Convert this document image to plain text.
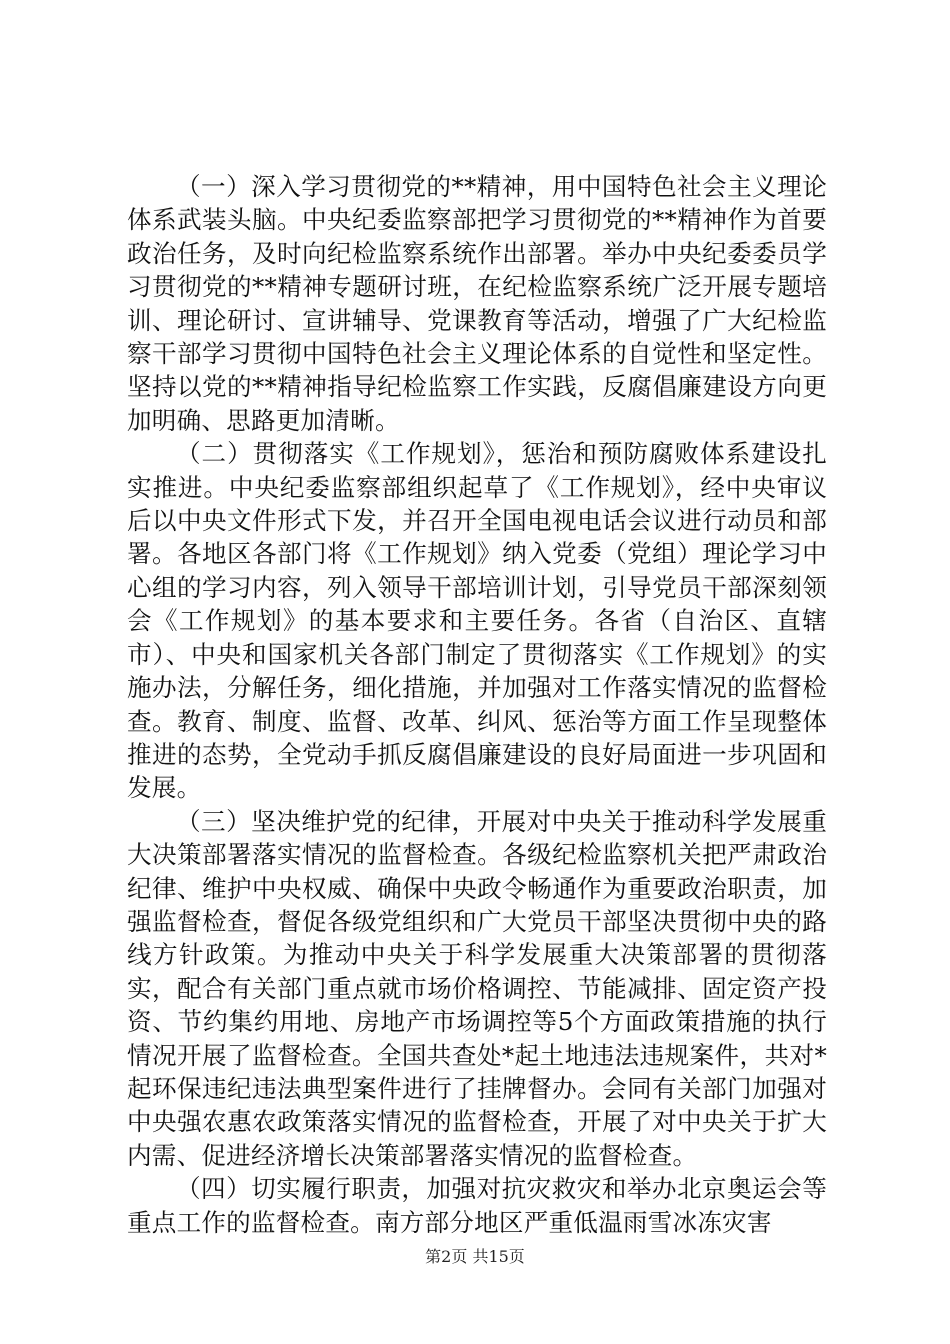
（一）深入学习贯彻党的**精神，用中国特色社会主义理论体系武装头脑。中央纪委监察部把学习贯彻党的**精神作为首要政治任务，及时向纪检监察系统作出部署。举办中央纪委委员学习贯彻党的**精神专题研讨班，在纪检监察系统广泛开展专题培训、理论研讨、宣讲辅导、党课教育等活动，增强了广大纪检监察干部学习贯彻中国特色社会主义理论体系的自觉性和坚定性。坚持以党的**精神指导纪检监察工作实践，反腐倡廉建设方向更加明确、思路更加清晰。

（二）贯彻落实《工作规划》，惩治和预防腐败体系建设扎实推进。中央纪委监察部组织起草了《工作规划》，经中央审议后以中央文件形式下发，并召开全国电视电话会议进行动员和部署。各地区各部门将《工作规划》纳入党委（党组）理论学习中心组的学习内容，列入领导干部培训计划，引导党员干部深刻领会《工作规划》的基本要求和主要任务。各省（自治区、直辖市）、中央和国家机关各部门制定了贯彻落实《工作规划》的实施办法，分解任务，细化措施，并加强对工作落实情况的监督检查。教育、制度、监督、改革、纠风、惩治等方面工作呈现整体推进的态势，全党动手抓反腐倡廉建设的良好局面进一步巩固和发展。

（三）坚决维护党的纪律，开展对中央关于推动科学发展重大决策部署落实情况的监督检查。各级纪检监察机关把严肃政治纪律、维护中央权威、确保中央政令畅通作为重要政治职责，加强监督检查，督促各级党组织和广大党员干部坚决贯彻中央的路线方针政策。为推动中央关于科学发展重大决策部署的贯彻落实，配合有关部门重点就市场价格调控、节能减排、固定资产投资、节约集约用地、房地产市场调控等5个方面政策措施的执行情况开展了监督检查。全国共查处*起土地违法违规案件，共对*起环保违纪违法典型案件进行了挂牌督办。会同有关部门加强对中央强农惠农政策落实情况的监督检查，开展了对中央关于扩大内需、促进经济增长决策部署落实情况的监督检查。

（四）切实履行职责，加强对抗灾救灾和举办北京奥运会等重点工作的监督检查。南方部分地区严重低温雨雪冰冻灾害

第2页 共15页
